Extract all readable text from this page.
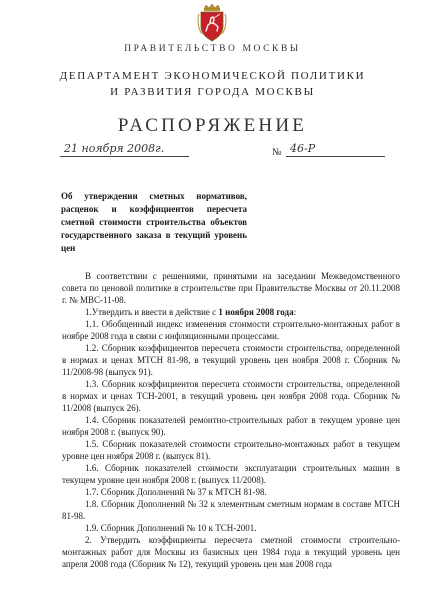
ПРАВИТЕЛЬСТВО МОСКВЫ
ДЕПАРТАМЕНТ ЭКОНОМИЧЕСКОЙ ПОЛИТИКИ
И РАЗВИТИЯ ГОРОДА МОСКВЫ
РАСПОРЯЖЕНИЕ
21 ноября 2008г.	№ 46-Р
Об утверждении сметных нормативов, расценок и коэффициентов пересчета сметной стоимости строительства объектов государственного заказа в текущий уровень цен

В соответствии с решениями, принятыми на заседании Межведомственного совета по ценовой политике в строительстве при Правительстве Москвы от 20.11.2008 г. № МВС-11-08.

1.Утвердить и ввести в действие с 1 ноября 2008 года:

1.1. Обобщенный индекс изменения стоимости строительно-монтажных работ в ноябре 2008 года в связи с инфляционными процессами.

1.2. Сборник коэффициентов пересчета стоимости строительства, определенной в нормах и ценах МТСН 81-98, в текущий уровень цен ноября 2008 г. Сборник № 11/2008-98 (выпуск 91).

1.3. Сборник коэффициентов пересчета стоимости строительства, определенной в нормах и ценах ТСН-2001, в текущий уровень цен ноября 2008 года. Сборник № 11/2008 (выпуск 26).

1.4. Сборник показателей ремонтно-строительных работ в текущем уровне цен ноября 2008 г. (выпуск 90).

1.5. Сборник показателей стоимости строительно-монтажных работ в текущем уровне цен ноября 2008 г. (выпуск 81).

1.6. Сборник показателей стоимости эксплуатации строительных машин в текущем уровне цен ноября 2008 г. (выпуск 11/2008).

1.7. Сборник Дополнений № 37 к МТСН 81-98.

1.8. Сборник Дополнений № 32 к элементным сметным нормам в составе МТСН 81-98.

1.9. Сборник Дополнений № 10 к ТСН-2001.

2. Утвердить коэффициенты пересчета сметной стоимости строительно-монтажных работ для Москвы из базисных цен 1984 года в текущий уровень цен апреля 2008 года (Сборник № 12), текущий уровень цен мая 2008 года
